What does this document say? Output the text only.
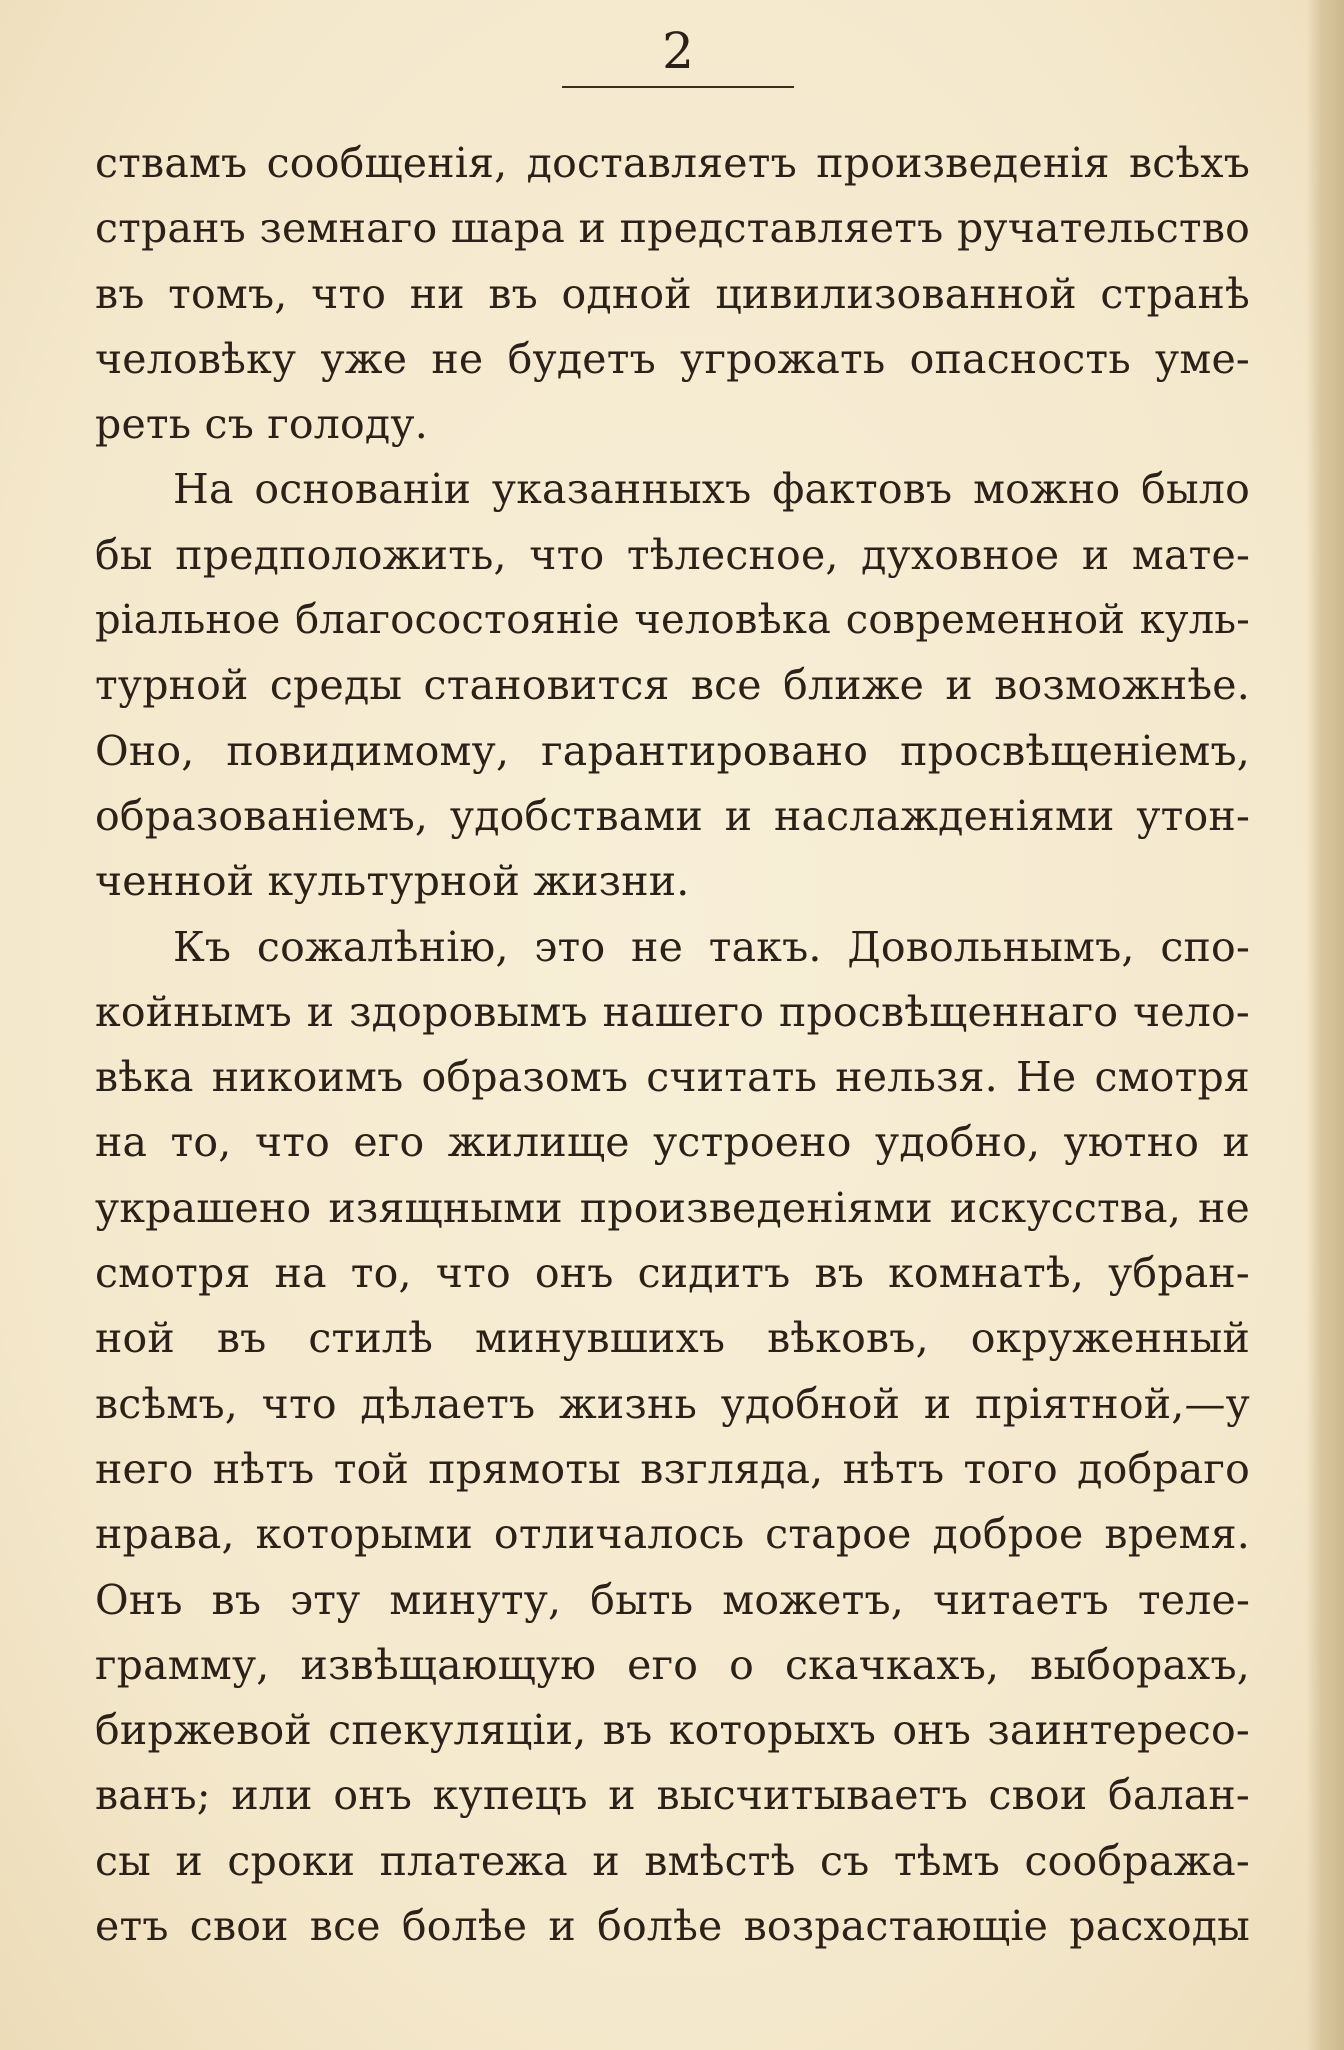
2
ствамъ сообщенія, доставляетъ произведенія всѣхъ
странъ земнаго шара и представляетъ ручательство
въ томъ, что ни въ одной цивилизованной странѣ
человѣку уже не будетъ угрожать опасность уме-
реть съ голоду.
На основаніи указанныхъ фактовъ можно было
бы предположить, что тѣлесное, духовное и мате-
ріальное благосостояніе человѣка современной куль-
турной среды становится все ближе и возможнѣе.
Оно, повидимому, гарантировано просвѣщеніемъ,
образованіемъ, удобствами и наслажденіями утон-
ченной культурной жизни.
Къ сожалѣнію, это не такъ. Довольнымъ, спо-
койнымъ и здоровымъ нашего просвѣщеннаго чело-
вѣка никоимъ образомъ считать нельзя. Не смотря
на то, что его жилище устроено удобно, уютно и
украшено изящными произведеніями искусства, не
смотря на то, что онъ сидитъ въ комнатѣ, убран-
ной въ стилѣ минувшихъ вѣковъ, окруженный
всѣмъ, что дѣлаетъ жизнь удобной и пріятной,—у
него нѣтъ той прямоты взгляда, нѣтъ того добраго
нрава, которыми отличалось старое доброе время.
Онъ въ эту минуту, быть можетъ, читаетъ теле-
грамму, извѣщающую его о скачкахъ, выборахъ,
биржевой спекуляціи, въ которыхъ онъ заинтересо-
ванъ; или онъ купецъ и высчитываетъ свои балан-
сы и сроки платежа и вмѣстѣ съ тѣмъ соображa-
етъ свои все болѣе и болѣе возрастающіе расходы
